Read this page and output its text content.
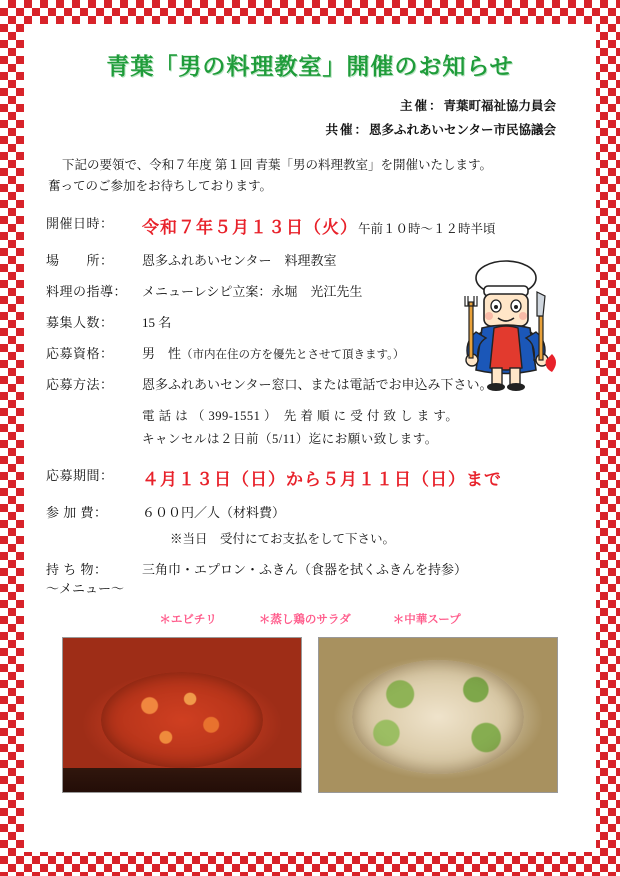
青葉「男の料理教室」開催のお知らせ
主催：青葉町福祉協力員会
共催：恩多ふれあいセンター市民協議会
下記の要領で、令和７年度 第１回 青葉「男の料理教室」を開催いたします。
奮ってのご参加をお待ちしております。
開催日時：	令和７年５月１３日（火）午前１０時〜１２時半頃
場　　所：	恩多ふれあいセンター　料理教室
料理の指導：	メニューレシピ立案：永堀　光江先生
募集人数：	15 名
応募資格：	男　性（市内在住の方を優先とさせて頂きます。）
応募方法：	恩多ふれあいセンター窓口、または電話でお申込み下さい。
電 話 は （ 399-1551 ）　先 着 順 に 受 付 致 し ま す。
キャンセルは２日前（5/11）迄にお願い致します。
応募期間：	４月１３日（日）から５月１１日（日）まで
参 加 費：	６００円／人（材料費）
※当日　受付にてお支払をして下さい。
持 ち 物：	三角巾・エプロン・ふきん（食器を拭くふきんを持参）
〜メニュー〜
＊エビチリ	＊蒸し鶏のサラダ	＊中華スープ
